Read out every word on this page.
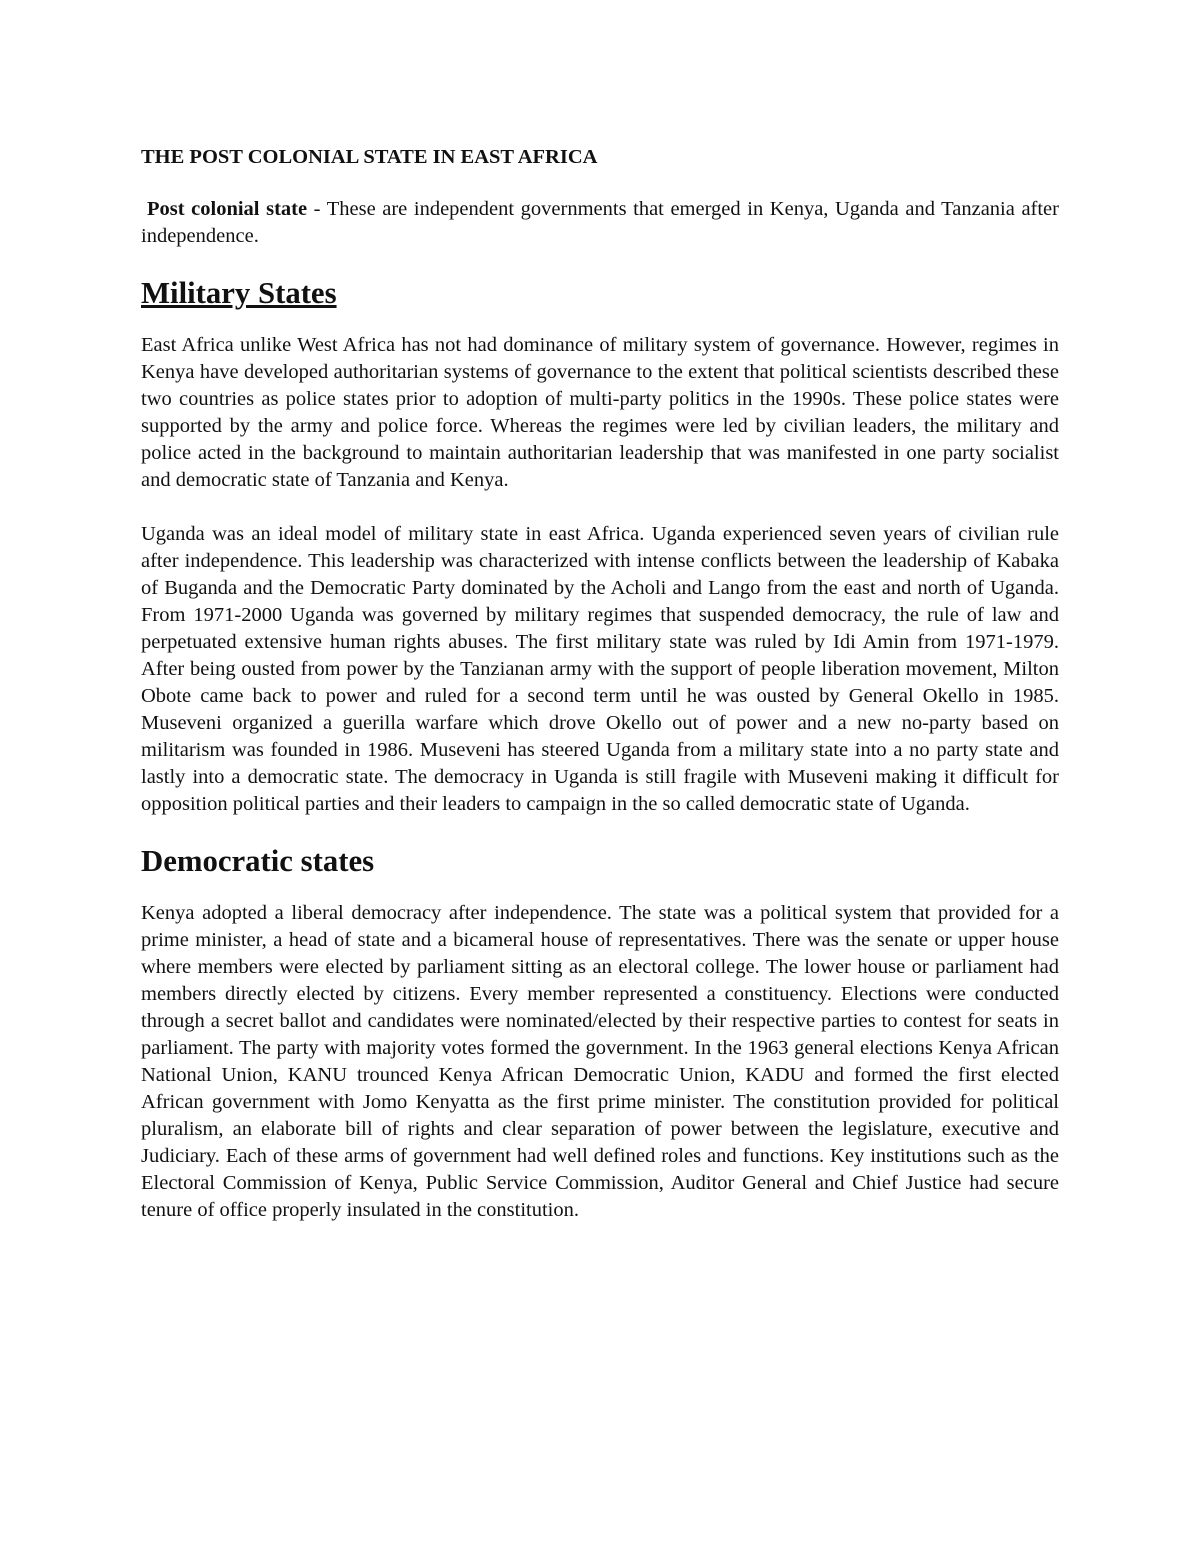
THE POST COLONIAL STATE IN EAST AFRICA

Post colonial state - These are independent governments that emerged in Kenya, Uganda and Tanzania after independence.

Military States

East Africa unlike West Africa has not had dominance of military system of governance. However, regimes in Kenya have developed authoritarian systems of governance to the extent that political scientists described these two countries as police states prior to adoption of multi-party politics in the 1990s. These police states were supported by the army and police force. Whereas the regimes were led by civilian leaders, the military and police acted in the background to maintain authoritarian leadership that was manifested in one party socialist and democratic state of Tanzania and Kenya.

Uganda was an ideal model of military state in east Africa. Uganda experienced seven years of civilian rule after independence. This leadership was characterized with intense conflicts between the leadership of Kabaka of Buganda and the Democratic Party dominated by the Acholi and Lango from the east and north of Uganda. From 1971-2000 Uganda was governed by military regimes that suspended democracy, the rule of law and perpetuated extensive human rights abuses. The first military state was ruled by Idi Amin from 1971-1979. After being ousted from power by the Tanzianan army with the support of people liberation movement, Milton Obote came back to power and ruled for a second term until he was ousted by General Okello in 1985. Museveni organized a guerilla warfare which drove Okello out of power and a new no-party based on militarism was founded in 1986. Museveni has steered Uganda from a military state into a no party state and lastly into a democratic state. The democracy in Uganda is still fragile with Museveni making it difficult for opposition political parties and their leaders to campaign in the so called democratic state of Uganda.

Democratic states

Kenya adopted a liberal democracy after independence. The state was a political system that provided for a prime minister, a head of state and a bicameral house of representatives. There was the senate or upper house where members were elected by parliament sitting as an electoral college. The lower house or parliament had members directly elected by citizens. Every member represented a constituency. Elections were conducted through a secret ballot and candidates were nominated/elected by their respective parties to contest for seats in parliament. The party with majority votes formed the government. In the 1963 general elections Kenya African National Union, KANU trounced Kenya African Democratic Union, KADU and formed the first elected African government with Jomo Kenyatta as the first prime minister. The constitution provided for political pluralism, an elaborate bill of rights and clear separation of power between the legislature, executive and Judiciary. Each of these arms of government had well defined roles and functions. Key institutions such as the Electoral Commission of Kenya, Public Service Commission, Auditor General and Chief Justice had secure tenure of office properly insulated in the constitution.
